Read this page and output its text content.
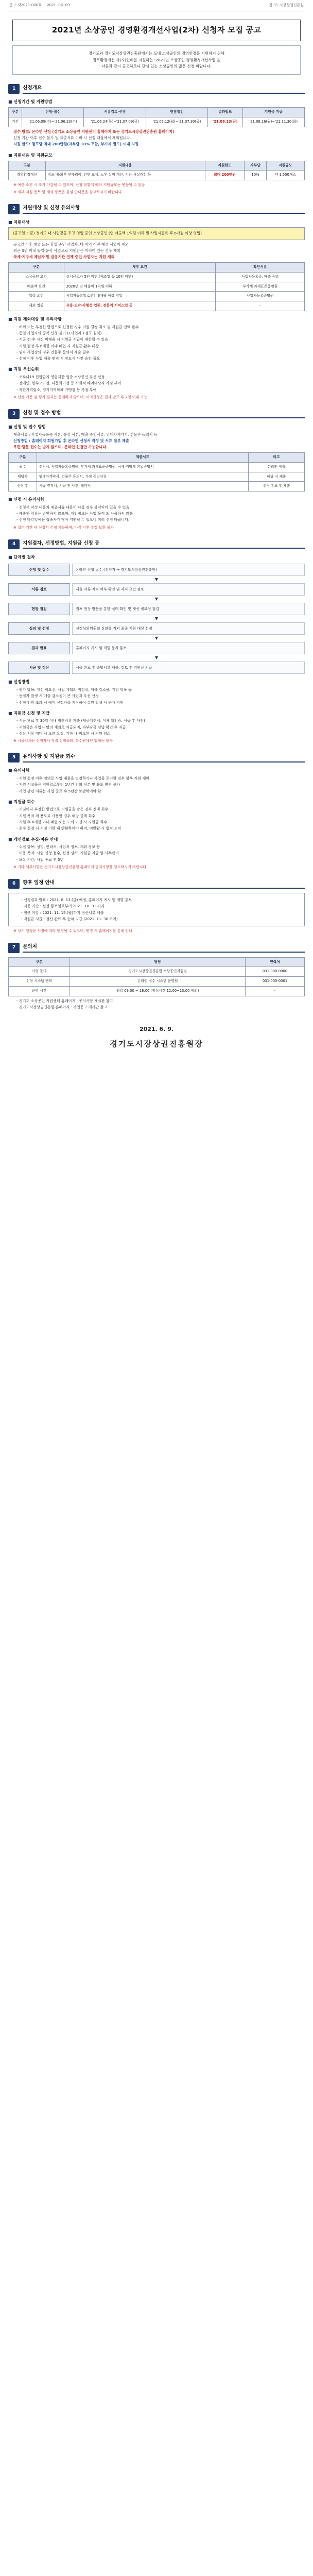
공고 제2021-000호 2021. 06. 09	경기도시장상권진흥원
2021년 소상공인 경영환경개선사업(2차) 신청자 모집 공고

경기도와 경기도시장상권진흥원에서는 도내 소상공인의 경영안정을 지원하기 위해

점포환경개선 사(시)업비를 지원하는 ‘2021년 소상공인 경영환경개선사업’을

다음과 같이 공고하오니 관심 있는 소상공인의 많은 신청 바랍니다.

1	신청개요
■ 신청기간 및 지원방법
구분	신청·접수	서류검토·선정	현장점검	결과발표	지원금 지급
기간	'21.06.09(수)~'21.06.23(수)	'21.06.24(목)~'21.07.09(금)	'21.07.12(월)~'21.07.30(금)	'21.08.13(금)	'21.08.16(월)~'21.11.30(화)
접수 방법: 온라인 신청 (경기도 소상공인 지원센터 홈페이지 또는 경기도시장상권진흥원 홈페이지)
신청 기간 이후 접수 불가 및 제출서류 미비 시 선정 대상에서 제외됩니다.
지원 한도: 점포당 최대 200만원(자부담 10% 포함, 부가세 별도) 이내 지원
■ 지원내용 및 지원규모
구분	지원내용	지원한도	자부담	지원규모
경영환경개선	점포 내·외부 인테리어, 간판 교체, 노후 설비 개선, 기타 시설개선 등	최대 200만원	10%	약 1,500개소
※ 예산 소진 시 조기 마감될 수 있으며, 신청 현황에 따라 지원규모는 변동될 수 있음
※ 세부 지원 품목 및 제외 품목은 붙임 안내문을 참고하시기 바랍니다.
2	지원대상 및 신청 유의사항
■ 지원대상
(공고일 기준) 경기도 내 사업장을 두고 영업 중인 소상공인 (연 매출액 1억원 이하 및 사업자등록 후 6개월 이상 영업)
공고일 이후 폐업 또는 휴업 중인 사업자, 타 지역 이전 예정 사업자 제외
최근 3년 이내 동일·유사 사업으로 지원받은 이력이 있는 경우 제외
국세·지방세 체납자 및 금융기관 연체 중인 사업자는 지원 제외
구분	세부 요건	확인서류
소상공인 요건	상시근로자 5인 미만 (제조업 등 10인 미만)	사업자등록증, 매출 증빙
매출액 요건	2020년 연 매출액 1억원 이하	부가세 과세표준증명원
업력 요건	사업자등록일로부터 6개월 이상 영업	사업자등록증명원
제외 업종	유흥·도박·사행성 업종, 전문직 서비스업 등	-
■ 지원 제외대상 및 유의사항
- 허위 또는 부정한 방법으로 신청한 경우 지원 결정 취소 및 지원금 전액 환수
- 동일 사업자의 중복 신청 불가 (1사업자 1점포 원칙)
- 시공 전·후 사진 미제출 시 지원금 지급이 제한될 수 있음
- 지원 결정 후 6개월 이내 폐업 시 지원금 환수 대상
- 임차 사업장의 경우 건물주 동의서 제출 필수
- 선정 이후 사업 내용 변경 시 반드시 사전 승인 필요
■ 지원 우선순위
- 코로나19 집합금지·영업제한 업종 소상공인 우선 선정
- 장애인, 한부모가정, 다문화가정 등 사회적 배려대상자 가점 부여
- 착한가격업소, 경기지역화폐 가맹점 등 가점 부여
※ 선정 기준 및 평가 결과는 공개하지 않으며, 이의신청은 결과 발표 후 7일 이내 가능
3	신청 및 접수 방법
■ 신청 및 접수 방법
제출서류 : 사업자등록증 사본, 통장 사본, 매출 증빙서류, 임대차계약서, 건물주 동의서 등
신청방법 : 홈페이지 회원가입 후 온라인 신청서 작성 및 서류 첨부 제출
우편·방문 접수는 받지 않으며, 온라인 신청만 가능합니다.
구분	제출서류	비고
필수	신청서, 사업자등록증명원, 부가세 과세표준증명원, 국세·지방세 완납증명서	온라인 제출
해당자	임대차계약서, 건물주 동의서, 가점 증빙서류	해당 시 제출
선정 후	시공 견적서, 시공 전 사진, 계약서	선정 통보 후 제출
■ 신청 시 유의사항
- 신청서 작성 내용과 제출서류 내용이 다를 경우 불이익이 있을 수 있음
- 제출된 서류는 반환하지 않으며, 개인정보는 사업 목적 외 사용하지 않음
- 신청 마감일에는 접속자가 많아 지연될 수 있으니 미리 신청 바랍니다.
※ 접수 기간 내 신청서 수정 가능하며, 마감 이후 수정·보완 불가
4	지원절차, 선정방법, 지원금 신청 등
■ 단계별 절차
신청 및 접수	온라인 신청 접수 (신청자 → 경기도시장상권진흥원)
▼
서류 검토	제출 서류 적격 여부 확인 및 자격 요건 검토
▼
현장 점검	점포 현장 방문을 통한 실태 확인 및 개선 필요성 점검
▼
심의 및 선정	선정심의위원회 심의를 거쳐 최종 지원 대상 선정
▼
결과 발표	홈페이지 게시 및 개별 문자 통보
▼
시공 및 정산	시공 완료 후 증빙서류 제출, 검토 후 지원금 지급
■ 선정방법
- 평가 항목: 개선 필요성, 사업 계획의 적정성, 매출 감소율, 가점 항목 등
- 동점자 발생 시 매출 감소율이 큰 사업자 우선 선정
- 선정 인원 초과 시 예비 선정자를 지정하여 결원 발생 시 순차 지원
■ 지원금 신청 및 지급
- 시공 완료 후 30일 이내 정산서류 제출 (세금계산서, 이체 확인증, 시공 후 사진)
- 지원금은 사업자 명의 계좌로 지급되며, 자부담금 선납 확인 후 지급
- 정산 서류 미비 시 보완 요청, 기한 내 미보완 시 지원 취소
※ 시공업체는 신청자가 직접 선정하되, 특수관계인 업체는 불가
5	유의사항 및 지원금 회수
■ 유의사항
- 지원 결정 이후 임의로 사업 내용을 변경하거나 사업을 포기할 경우 향후 지원 제한
- 지원 시설물은 지원일로부터 1년간 임의 처분 및 용도 변경 불가
- 사업 관련 서류는 사업 종료 후 5년간 보관하여야 함
■ 지원금 회수
- 거짓이나 부정한 방법으로 지원금을 받은 경우 전액 회수
- 지원 목적 외 용도로 사용한 경우 해당 금액 회수
- 지원 후 6개월 이내 폐업 또는 도외 이전 시 지원금 회수
- 회수 결정 시 지정 기한 내 반환하여야 하며, 미반환 시 법적 조치
■ 개인정보 수집·이용 안내
- 수집 항목: 성명, 연락처, 사업자 정보, 계좌 정보 등
- 이용 목적: 사업 신청 접수, 선정 심사, 지원금 지급 및 사후관리
- 보유 기간: 사업 종료 후 5년
※ 기타 세부사항은 경기도시장상권진흥원 홈페이지 공지사항을 참고하시기 바랍니다.
6	향후 일정 안내
- 선정결과 발표 : 2021. 8. 13.(금) 예정, 홈페이지 게시 및 개별 통보
- 시공 기간 : 선정 통보일로부터 2021. 10. 31.까지
- 정산 마감 : 2021. 11. 15.(월)까지 정산서류 제출
- 지원금 지급 : 정산 완료 후 순차 지급 (2021. 11. 30.까지)
※ 상기 일정은 사정에 따라 변경될 수 있으며, 변경 시 홈페이지를 통해 안내
7	문의처
구분	담당	연락처
사업 문의	경기도시장상권진흥원 소상공인지원팀	031-000-0000
신청 시스템 문의	온라인 접수 시스템 운영팀	031-000-0001
운영 시간	평일 09:00 ~ 18:00 (점심시간 12:00~13:00 제외)	-
- 경기도 소상공인 지원센터 홈페이지 : 공지사항 게시판 참고
- 경기도시장상권진흥원 홈페이지 : 사업공고 게시판 참고
2021. 6. 9.
경기도시장상권진흥원장
